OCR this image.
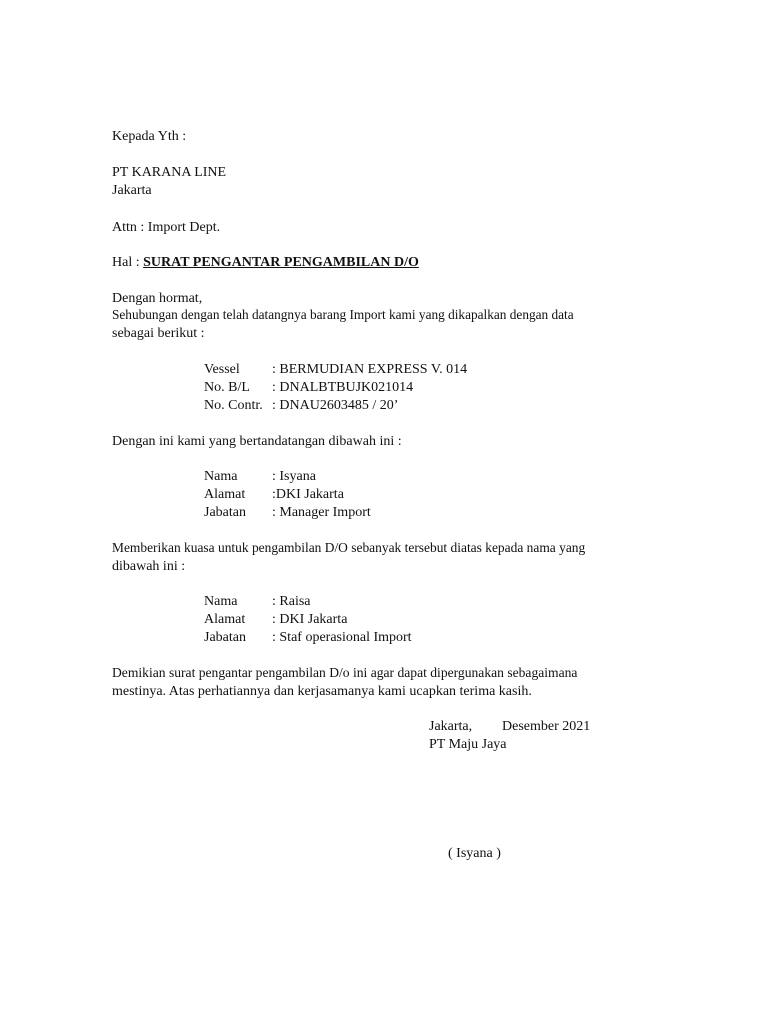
Kepada Yth :
PT KARANA LINE
Jakarta
Attn : Import Dept.
Hal : SURAT PENGANTAR PENGAMBILAN D/O
Dengan hormat,
Sehubungan dengan telah datangnya barang Import kami yang dikapalkan dengan data
sebagai berikut :
Vessel : BERMUDIAN EXPRESS V. 014
No. B/L : DNALBTBUJK021014
No. Contr. : DNAU2603485 / 20’
Dengan ini kami yang bertandatangan dibawah ini :
Nama : Isyana
Alamat :DKI Jakarta
Jabatan : Manager Import
Memberikan kuasa untuk pengambilan D/O sebanyak tersebut diatas kepada nama yang
dibawah ini :
Nama : Raisa
Alamat : DKI Jakarta
Jabatan : Staf operasional Import
Demikian surat pengantar pengambilan D/o ini agar dapat dipergunakan sebagaimana
mestinya. Atas perhatiannya dan kerjasamanya kami ucapkan terima kasih.
Jakarta, Desember 2021
PT Maju Jaya
( Isyana )
